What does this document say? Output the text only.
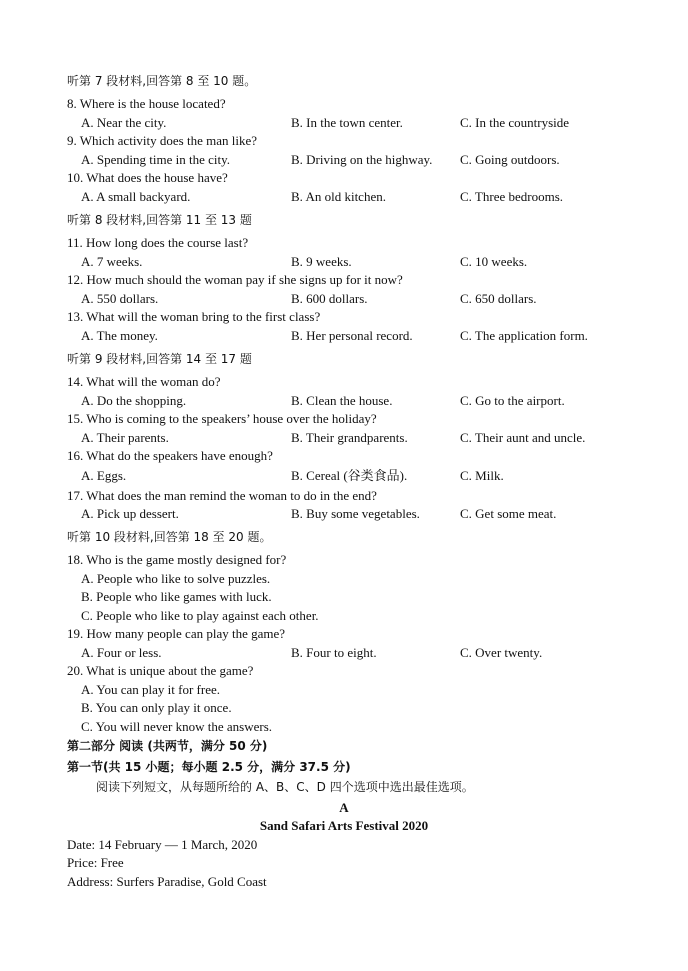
听第 7 段材料,回答第 8 至 10 题。
8. Where is the house located?
A. Near the city.	B. In the town center.	C. In the countryside
9. Which activity does the man like?
A. Spending time in the city.	B. Driving on the highway. C. Going outdoors.
10. What does the house have?
A. A small backyard.	B. An old kitchen.	C. Three bedrooms.
听第 8 段材料,回答第 11 至 13 题
11. How long does the course last?
A. 7 weeks.	B. 9 weeks.	C. 10 weeks.
12. How much should the woman pay if she signs up for it now?
A. 550 dollars.	B. 600 dollars.	C. 650 dollars.
13. What will the woman bring to the first class?
A. The money.	B. Her personal record.	C. The application form.
听第 9 段材料,回答第 14 至 17 题
14. What will the woman do?
A. Do the shopping.	B. Clean the house.	C. Go to the airport.
15. Who is coming to the speakers’ house over the holiday?
A. Their parents.	B. Their grandparents.	C. Their aunt and uncle.
16. What do the speakers have enough?
A. Eggs.	B. Cereal (谷类食品).	C. Milk.
17. What does the man remind the woman to do in the end?
A. Pick up dessert.	B. Buy some vegetables.	C. Get some meat.
听第 10 段材料,回答第 18 至 20 题。
18. Who is the game mostly designed for?
A. People who like to solve puzzles.
B. People who like games with luck.
C. People who like to play against each other.
19. How many people can play the game?
A. Four or less.	B. Four to eight.	C. Over twenty.
20. What is unique about the game?
A. You can play it for free.
B. You can only play it once.
C. You will never know the answers.
第二部分 阅读 (共两节，满分 50 分)
第一节(共 15 小题；每小题 2.5 分，满分 37.5 分)
阅读下列短文，从每题所给的 A、B、C、D 四个选项中选出最佳选项。
A
Sand Safari Arts Festival 2020
Date: 14 February — 1 March, 2020
Price: Free
Address: Surfers Paradise, Gold Coast
